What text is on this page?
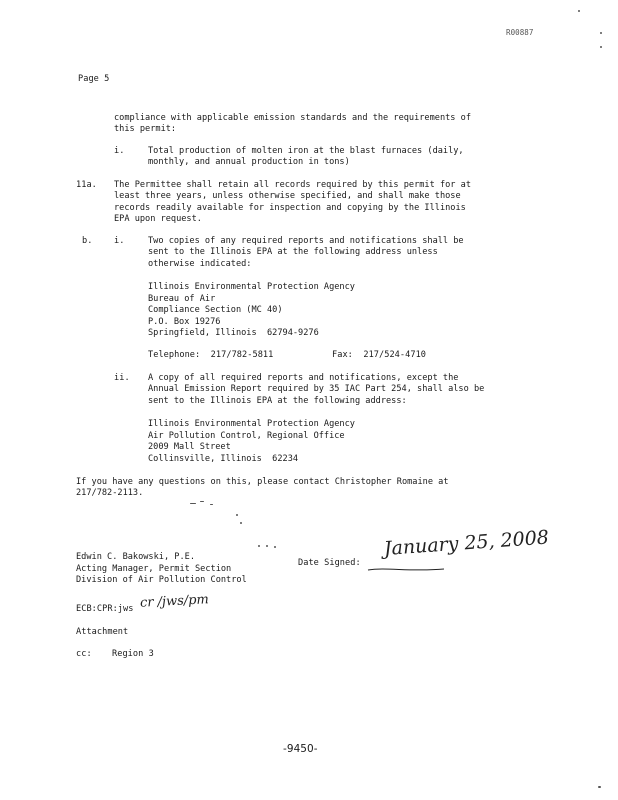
R00887
Page 5
compliance with applicable emission standards and the requirements of
this permit:
i.	Total production of molten iron at the blast furnaces (daily,
monthly, and annual production in tons)
11a. The Permittee shall retain all records required by this permit for at
least three years, unless otherwise specified, and shall make those
records readily available for inspection and copying by the Illinois
EPA upon request.
b.	i.	Two copies of any required reports and notifications shall be
sent to the Illinois EPA at the following address unless
otherwise indicated:
Illinois Environmental Protection Agency
Bureau of Air
Compliance Section (MC 40)
P.O. Box 19276
Springfield, Illinois  62794-9276
Telephone:  217/782-5811	Fax:  217/524-4710
ii. A copy of all required reports and notifications, except the
Annual Emission Report required by 35 IAC Part 254, shall also be
sent to the Illinois EPA at the following address:
Illinois Environmental Protection Agency
Air Pollution Control, Regional Office
2009 Mall Street
Collinsville, Illinois  62234
If you have any questions on this, please contact Christopher Romaine at
217/782-2113.
Edwin C. Bakowski, P.E.
Acting Manager, Permit Section
Division of Air Pollution Control
Date Signed:
January 25, 2008
ECB:CPR:jws cr /jws/pm
Attachment
cc: Region 3
-9450-
